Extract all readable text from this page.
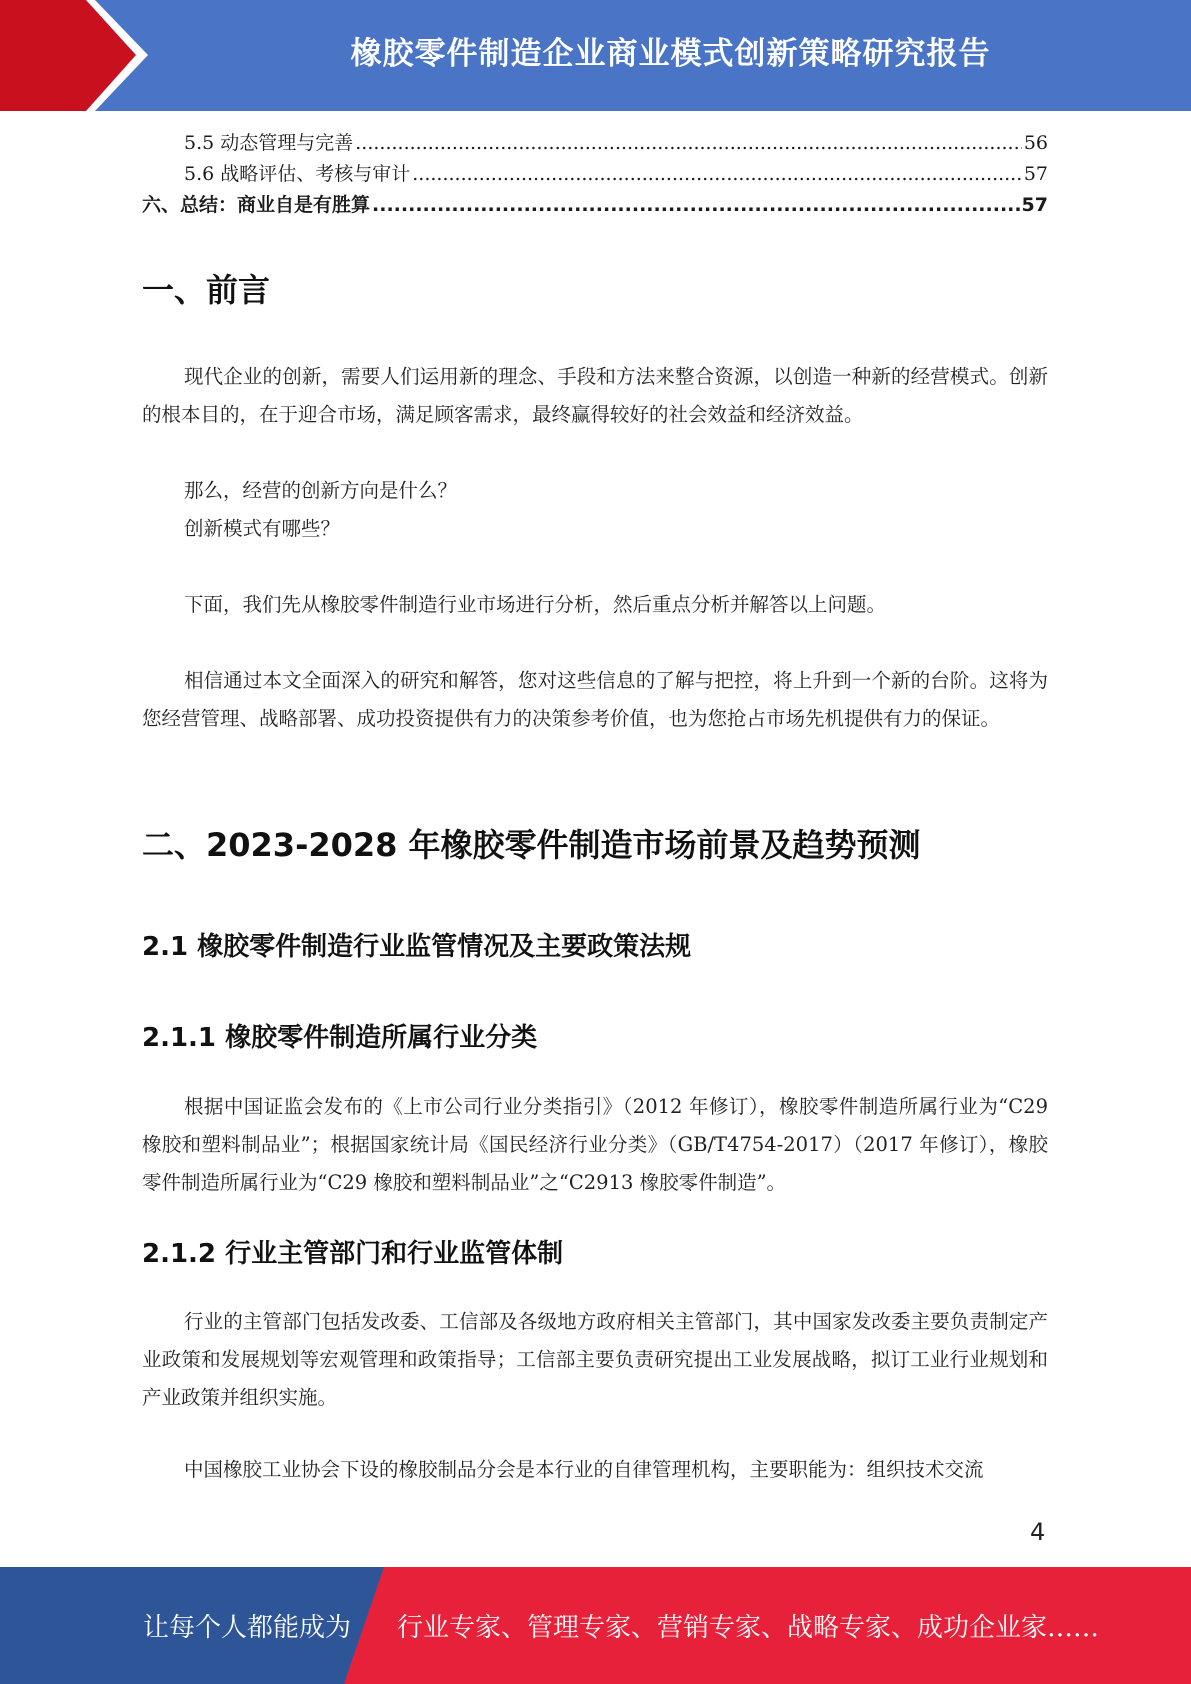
橡胶零件制造企业商业模式创新策略研究报告
5.5 动态管理与完善 .....	56
5.6 战略评估、考核与审计 .....	57
六、总结：商业自是有胜算 .....	57
一、前言

现代企业的创新，需要人们运用新的理念、手段和方法来整合资源，以创造一种新的经营模式。创新的根本目的，在于迎合市场，满足顾客需求，最终赢得较好的社会效益和经济效益。

那么，经营的创新方向是什么？

创新模式有哪些？

下面，我们先从橡胶零件制造行业市场进行分析，然后重点分析并解答以上问题。

相信通过本文全面深入的研究和解答，您对这些信息的了解与把控，将上升到一个新的台阶。这将为您经营管理、战略部署、成功投资提供有力的决策参考价值，也为您抢占市场先机提供有力的保证。

二、2023-2028 年橡胶零件制造市场前景及趋势预测
2.1 橡胶零件制造行业监管情况及主要政策法规
2.1.1 橡胶零件制造所属行业分类

根据中国证监会发布的《上市公司行业分类指引》（2012 年修订），橡胶零件制造所属行业为“C29 橡胶和塑料制品业”；根据国家统计局《国民经济行业分类》（GB/T4754-2017）（2017 年修订），橡胶零件制造所属行业为“C29 橡胶和塑料制品业”之“C2913 橡胶零件制造”。

2.1.2 行业主管部门和行业监管体制

行业的主管部门包括发改委、工信部及各级地方政府相关主管部门，其中国家发改委主要负责制定产业政策和发展规划等宏观管理和政策指导；工信部主要负责研究提出工业发展战略，拟订工业行业规划和产业政策并组织实施。

中国橡胶工业协会下设的橡胶制品分会是本行业的自律管理机构，主要职能为：组织技术交流

4
让每个人都能成为 行业专家、管理专家、营销专家、战略专家、成功企业家……
